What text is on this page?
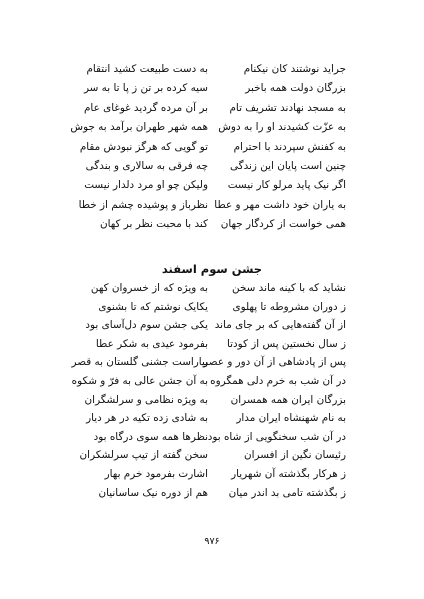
جراید نوشتند کان نیکنام
به دست طبیعت کشید انتقام
بزرگان دولت همه باخبر
سیه کرده بر تن ز پا تا به سر
به مسجد نهادند تشریف تام
بر آن مرده گردید غوغای عام
به عزّت کشیدند او را به دوش
همه شهر طهران برآمد به جوش
به کفنش سپردند با احترام
تو گویی که هرگز نبودش مقام
چنین است پایان این زندگی
چه فرقی به سالاری و بندگی
اگر نیک پاید مرلو کار نیست
ولیکن چو او مرد دلدار نیست
به یاران خود داشت مهر و عطا
نظرباز و پوشیده چشم از خطا
همی خواست از کردگار جهان
کند با محبت نظر بر کهان
جشن سوم اسفند
نشاید که با کینه ماند سخن
به ویژه که از خسروان کهن
ز دوران مشروطه تا پهلوی
یکایک نوشتم که تا بشنوی
از آن گفته‌هایی که بر جای ماند
یکی جشن سوم دل‌آسای بود
ز سال نخستین پس از کودتا
بفرمود عیدی به شکر عطا
پس از پادشاهی از آن دور و عصر
بیاراست جشنی گلستان به قصر
در آن شب به خرم دلی همگروه
به آن جشن عالی به فرّ و شکوه
بزرگان ایران همه همسران
به ویژه نظامی و سرلشگران
به نام شهنشاه ایران مدار
به شادی زده تکیه در هر دیار
در آن شب سخنگویی از شاه بود
نظرها همه سوی درگاه بود
رئیسان نگین از افسران
سخن گفته از تیپ سرلشکران
ز هرکار بگذشته آن شهریار
اشارت بفرمود خرم بهار
ز بگذشته تامی بد اندر میان
هم از دوره نیک ساسانیان
۹۷۶
